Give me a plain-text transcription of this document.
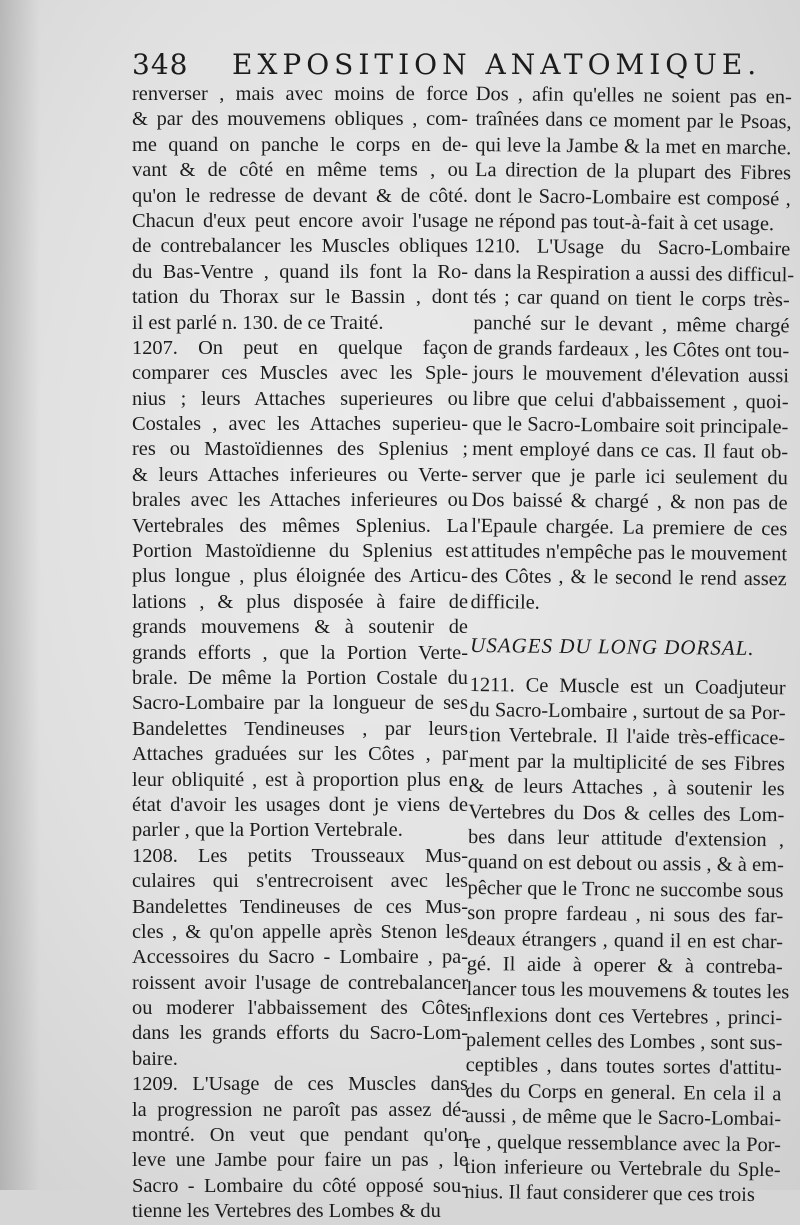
348 EXPOSITION ANATOMIQUE.
renverser , mais avec moins de force
& par des mouvemens obliques , com-
me quand on panche le corps en de-
vant & de côté en même tems , ou
qu'on le redresse de devant & de côté.
Chacun d'eux peut encore avoir l'usage
de contrebalancer les Muscles obliques
du Bas-Ventre , quand ils font la Ro-
tation du Thorax sur le Bassin , dont
il est parlé n. 130. de ce Traité.
1207. On peut en quelque façon
comparer ces Muscles avec les Sple-
nius ; leurs Attaches superieures ou
Costales , avec les Attaches superieu-
res ou Mastoïdiennes des Splenius ;
& leurs Attaches inferieures ou Verte-
brales avec les Attaches inferieures ou
Vertebrales des mêmes Splenius. La
Portion Mastoïdienne du Splenius est
plus longue , plus éloignée des Articu-
lations , & plus disposée à faire de
grands mouvemens & à soutenir de
grands efforts , que la Portion Verte-
brale. De même la Portion Costale du
Sacro-Lombaire par la longueur de ses
Bandelettes Tendineuses , par leurs
Attaches graduées sur les Côtes , par
leur obliquité , est à proportion plus en
état d'avoir les usages dont je viens de
parler , que la Portion Vertebrale.
1208. Les petits Trousseaux Mus-
culaires qui s'entrecroisent avec les
Bandelettes Tendineuses de ces Mus-
cles , & qu'on appelle après Stenon les
Accessoires du Sacro - Lombaire , pa-
roissent avoir l'usage de contrebalancer
ou moderer l'abbaissement des Côtes
dans les grands efforts du Sacro-Lom-
baire.
1209. L'Usage de ces Muscles dans
la progression ne paroît pas assez dé-
montré. On veut que pendant qu'on
leve une Jambe pour faire un pas , le
Sacro - Lombaire du côté opposé sou-
tienne les Vertebres des Lombes & du
Dos , afin qu'elles ne soient pas en-
traînées dans ce moment par le Psoas,
qui leve la Jambe & la met en marche.
La direction de la plupart des Fibres
dont le Sacro-Lombaire est composé ,
ne répond pas tout-à-fait à cet usage.
1210. L'Usage du Sacro-Lombaire
dans la Respiration a aussi des difficul-
tés ; car quand on tient le corps très-
panché sur le devant , même chargé
de grands fardeaux , les Côtes ont tou-
jours le mouvement d'élevation aussi
libre que celui d'abbaissement , quoi-
que le Sacro-Lombaire soit principale-
ment employé dans ce cas. Il faut ob-
server que je parle ici seulement du
Dos baissé & chargé , & non pas de
l'Epaule chargée. La premiere de ces
attitudes n'empêche pas le mouvement
des Côtes , & le second le rend assez
difficile.
USAGES DU LONG DORSAL.
1211. Ce Muscle est un Coadjuteur
du Sacro-Lombaire , surtout de sa Por-
tion Vertebrale. Il l'aide très-efficace-
ment par la multiplicité de ses Fibres
& de leurs Attaches , à soutenir les
Vertebres du Dos & celles des Lom-
bes dans leur attitude d'extension ,
quand on est debout ou assis , & à em-
pêcher que le Tronc ne succombe sous
son propre fardeau , ni sous des far-
deaux étrangers , quand il en est char-
gé. Il aide à operer & à contreba-
lancer tous les mouvemens & toutes les
inflexions dont ces Vertebres , princi-
palement celles des Lombes , sont sus-
ceptibles , dans toutes sortes d'attitu-
des du Corps en general. En cela il a
aussi , de même que le Sacro-Lombai-
re , quelque ressemblance avec la Por-
tion inferieure ou Vertebrale du Sple-
nius. Il faut considerer que ces trois
